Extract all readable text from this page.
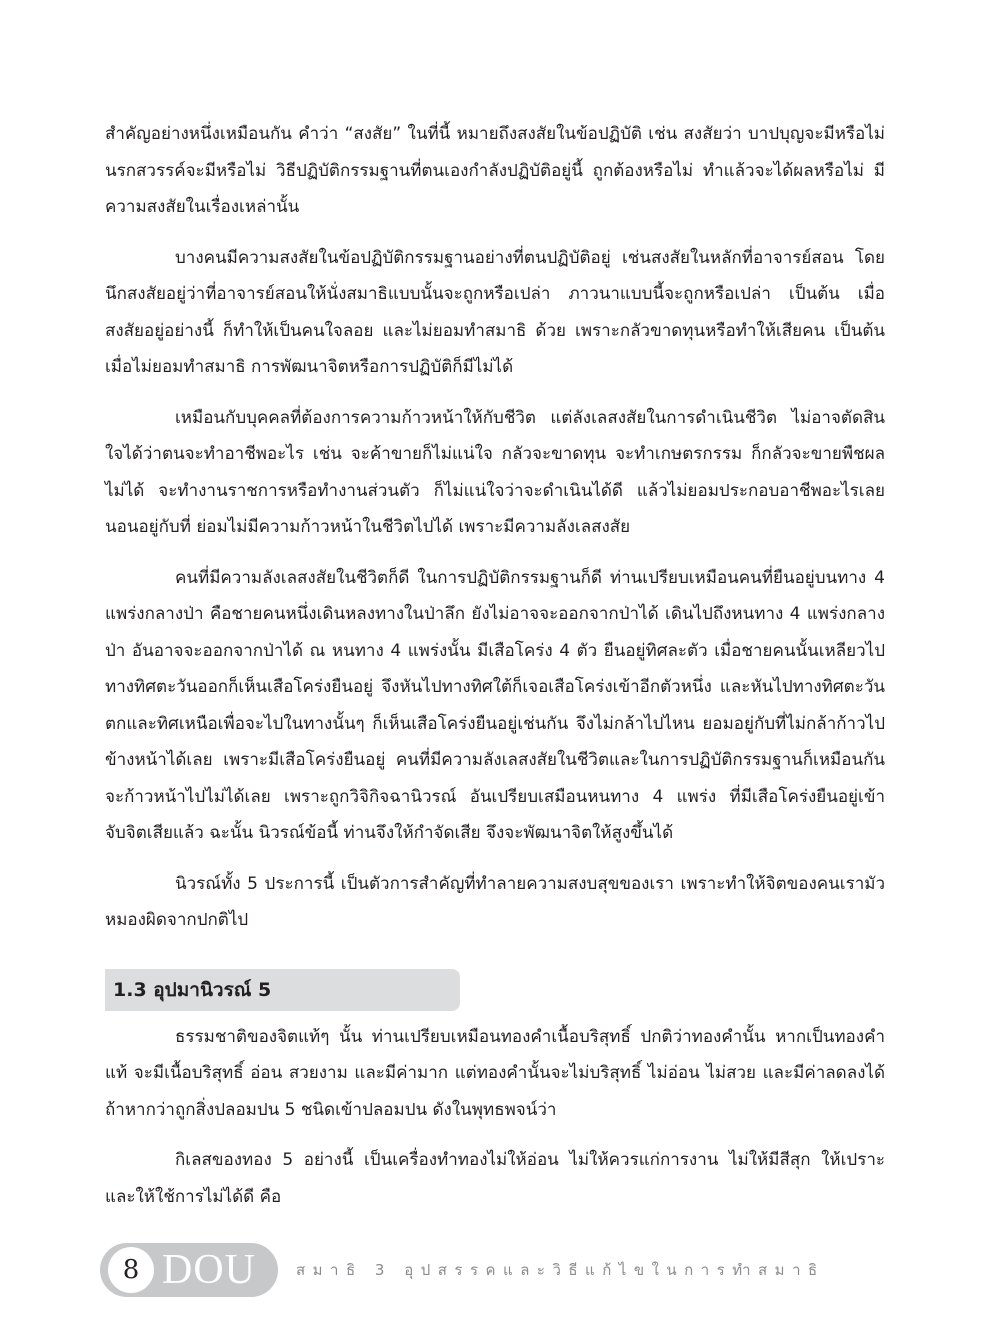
สำคัญอย่างหนึ่งเหมือนกัน คำว่า “สงสัย” ในที่นี้ หมายถึงสงสัยในข้อปฏิบัติ เช่น สงสัยว่า บาปบุญจะมีหรือไม่ นรกสวรรค์จะมีหรือไม่ วิธีปฏิบัติกรรมฐานที่ตนเองกำลังปฏิบัติอยู่นี้ ถูกต้องหรือไม่ ทำแล้วจะได้ผลหรือไม่ มีความสงสัยในเรื่องเหล่านั้น

บางคนมีความสงสัยในข้อปฏิบัติกรรมฐานอย่างที่ตนปฏิบัติอยู่ เช่นสงสัยในหลักที่อาจารย์สอน โดยนึกสงสัยอยู่ว่าที่อาจารย์สอนให้นั่งสมาธิแบบนั้นจะถูกหรือเปล่า ภาวนาแบบนี้จะถูกหรือเปล่า เป็นต้น เมื่อสงสัยอยู่อย่างนี้ ก็ทำให้เป็นคนใจลอย และไม่ยอมทำสมาธิ ด้วย เพราะกลัวขาดทุนหรือทำให้เสียคน เป็นต้น เมื่อไม่ยอมทำสมาธิ การพัฒนาจิตหรือการปฏิบัติก็มีไม่ได้

เหมือนกับบุคคลที่ต้องการความก้าวหน้าให้กับชีวิต แต่ลังเลสงสัยในการดำเนินชีวิต ไม่อาจตัดสินใจได้ว่าตนจะทำอาชีพอะไร เช่น จะค้าขายก็ไม่แน่ใจ กลัวจะขาดทุน จะทำเกษตรกรรม ก็กลัวจะขายพืชผลไม่ได้ จะทำงานราชการหรือทำงานส่วนตัว ก็ไม่แน่ใจว่าจะดำเนินได้ดี แล้วไม่ยอมประกอบอาชีพอะไรเลย นอนอยู่กับที่ ย่อมไม่มีความก้าวหน้าในชีวิตไปได้ เพราะมีความลังเลสงสัย

คนที่มีความลังเลสงสัยในชีวิตก็ดี ในการปฏิบัติกรรมฐานก็ดี ท่านเปรียบเหมือนคนที่ยืนอยู่บนทาง 4 แพร่งกลางป่า คือชายคนหนึ่งเดินหลงทางในป่าลึก ยังไม่อาจจะออกจากป่าได้ เดินไปถึงหนทาง 4 แพร่งกลางป่า อันอาจจะออกจากป่าได้ ณ หนทาง 4 แพร่งนั้น มีเสือโคร่ง 4 ตัว ยืนอยู่ทิศละตัว เมื่อชายคนนั้นเหลียวไปทางทิศตะวันออกก็เห็นเสือโคร่งยืนอยู่ จึงหันไปทางทิศใต้ก็เจอเสือโคร่งเข้าอีกตัวหนึ่ง และหันไปทางทิศตะวันตกและทิศเหนือเพื่อจะไปในทางนั้นๆ ก็เห็นเสือโคร่งยืนอยู่เช่นกัน จึงไม่กล้าไปไหน ยอมอยู่กับที่ไม่กล้าก้าวไปข้างหน้าได้เลย เพราะมีเสือโคร่งยืนอยู่ คนที่มีความลังเลสงสัยในชีวิตและในการปฏิบัติกรรมฐานก็เหมือนกันจะก้าวหน้าไปไม่ได้เลย เพราะถูกวิจิกิจฉานิวรณ์ อันเปรียบเสมือนหนทาง 4 แพร่ง ที่มีเสือโคร่งยืนอยู่เข้าจับจิตเสียแล้ว ฉะนั้น นิวรณ์ข้อนี้ ท่านจึงให้กำจัดเสีย จึงจะพัฒนาจิตให้สูงขึ้นได้

นิวรณ์ทั้ง 5 ประการนี้ เป็นตัวการสำคัญที่ทำลายความสงบสุขของเรา เพราะทำให้จิตของคนเรามัวหมองผิดจากปกติไป

1.3 อุปมานิวรณ์ 5

ธรรมชาติของจิตแท้ๆ นั้น ท่านเปรียบเหมือนทองคำเนื้อบริสุทธิ์ ปกติว่าทองคำนั้น หากเป็นทองคำแท้ จะมีเนื้อบริสุทธิ์ อ่อน สวยงาม และมีค่ามาก แต่ทองคำนั้นจะไม่บริสุทธิ์ ไม่อ่อน ไม่สวย และมีค่าลดลงได้ ถ้าหากว่าถูกสิ่งปลอมปน 5 ชนิดเข้าปลอมปน ดังในพุทธพจน์ว่า

กิเลสของทอง 5 อย่างนี้ เป็นเครื่องทำทองไม่ให้อ่อน ไม่ให้ควรแก่การงาน ไม่ให้มีสีสุก ให้เปราะ และให้ใช้การไม่ได้ดี คือ

8 DOU	สมาธิ 3 อุปสรรคและวิธีแก้ไขในการทำสมาธิ
